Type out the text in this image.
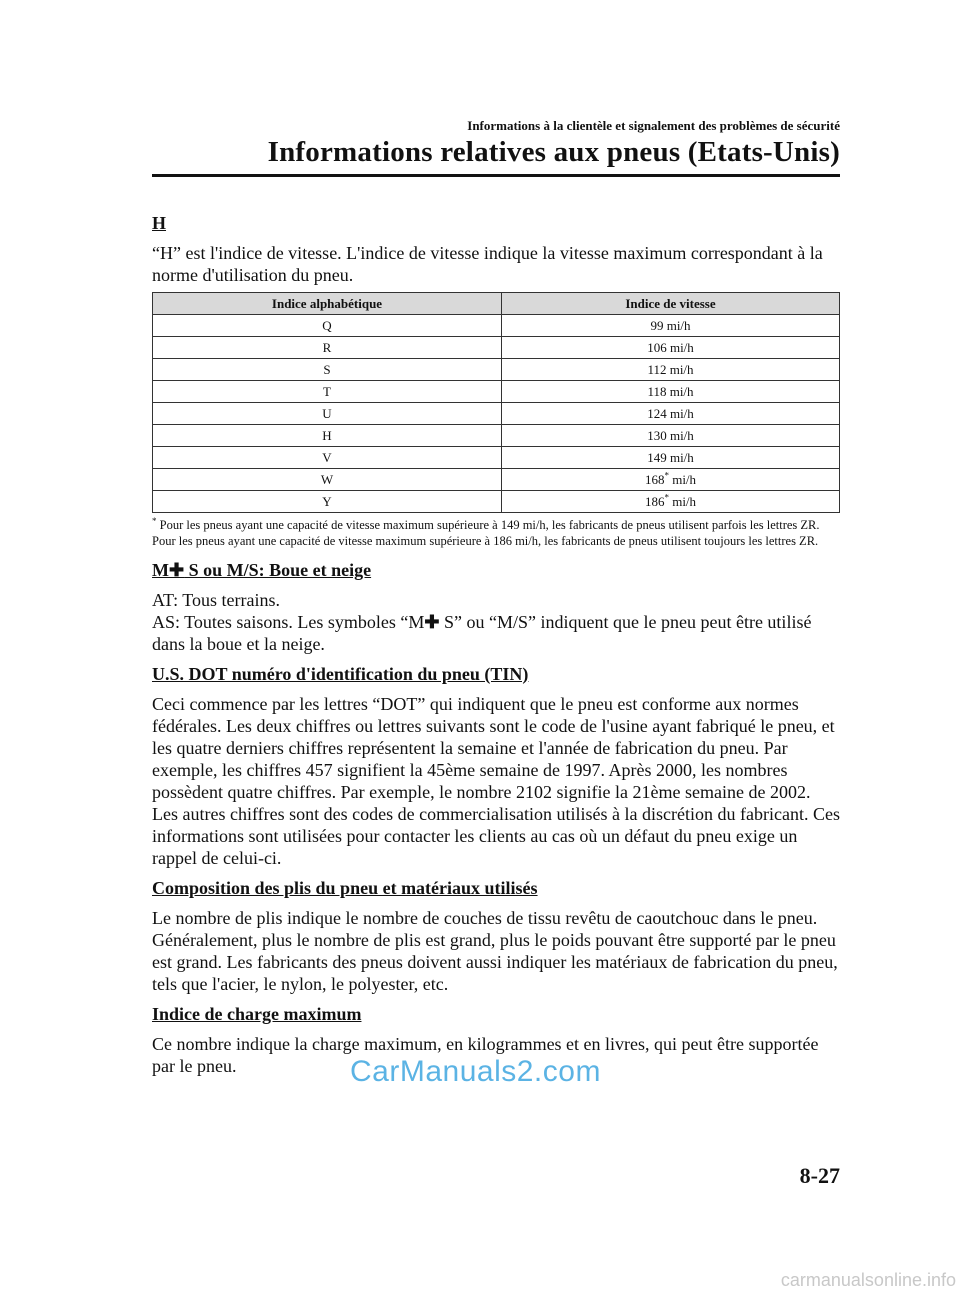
Informations à la clientèle et signalement des problèmes de sécurité
Informations relatives aux pneus (Etats-Unis)
H

“H” est l'indice de vitesse. L'indice de vitesse indique la vitesse maximum correspondant à la norme d'utilisation du pneu.

Indice alphabétique	Indice de vitesse
Q	99 mi/h
R	106 mi/h
S	112 mi/h
T	118 mi/h
U	124 mi/h
H	130 mi/h
V	149 mi/h
W	168* mi/h
Y	186* mi/h

* Pour les pneus ayant une capacité de vitesse maximum supérieure à 149 mi/h, les fabricants de pneus utilisent parfois les lettres ZR. Pour les pneus ayant une capacité de vitesse maximum supérieure à 186 mi/h, les fabricants de pneus utilisent toujours les lettres ZR.

M✚ S ou M/S: Boue et neige

AT: Tous terrains.
AS: Toutes saisons. Les symboles “M✚ S” ou “M/S” indiquent que le pneu peut être utilisé dans la boue et la neige.

U.S. DOT numéro d'identification du pneu (TIN)

Ceci commence par les lettres “DOT” qui indiquent que le pneu est conforme aux normes fédérales. Les deux chiffres ou lettres suivants sont le code de l'usine ayant fabriqué le pneu, et les quatre derniers chiffres représentent la semaine et l'année de fabrication du pneu. Par exemple, les chiffres 457 signifient la 45ème semaine de 1997. Après 2000, les nombres possèdent quatre chiffres. Par exemple, le nombre 2102 signifie la 21ème semaine de 2002. Les autres chiffres sont des codes de commercialisation utilisés à la discrétion du fabricant. Ces informations sont utilisées pour contacter les clients au cas où un défaut du pneu exige un rappel de celui-ci.

Composition des plis du pneu et matériaux utilisés

Le nombre de plis indique le nombre de couches de tissu revêtu de caoutchouc dans le pneu. Généralement, plus le nombre de plis est grand, plus le poids pouvant être supporté par le pneu est grand. Les fabricants des pneus doivent aussi indiquer les matériaux de fabrication du pneu, tels que l'acier, le nylon, le polyester, etc.

Indice de charge maximum

Ce nombre indique la charge maximum, en kilogrammes et en livres, qui peut être supportée par le pneu.	CarManuals2.com
8-27
carmanualsonline.info
